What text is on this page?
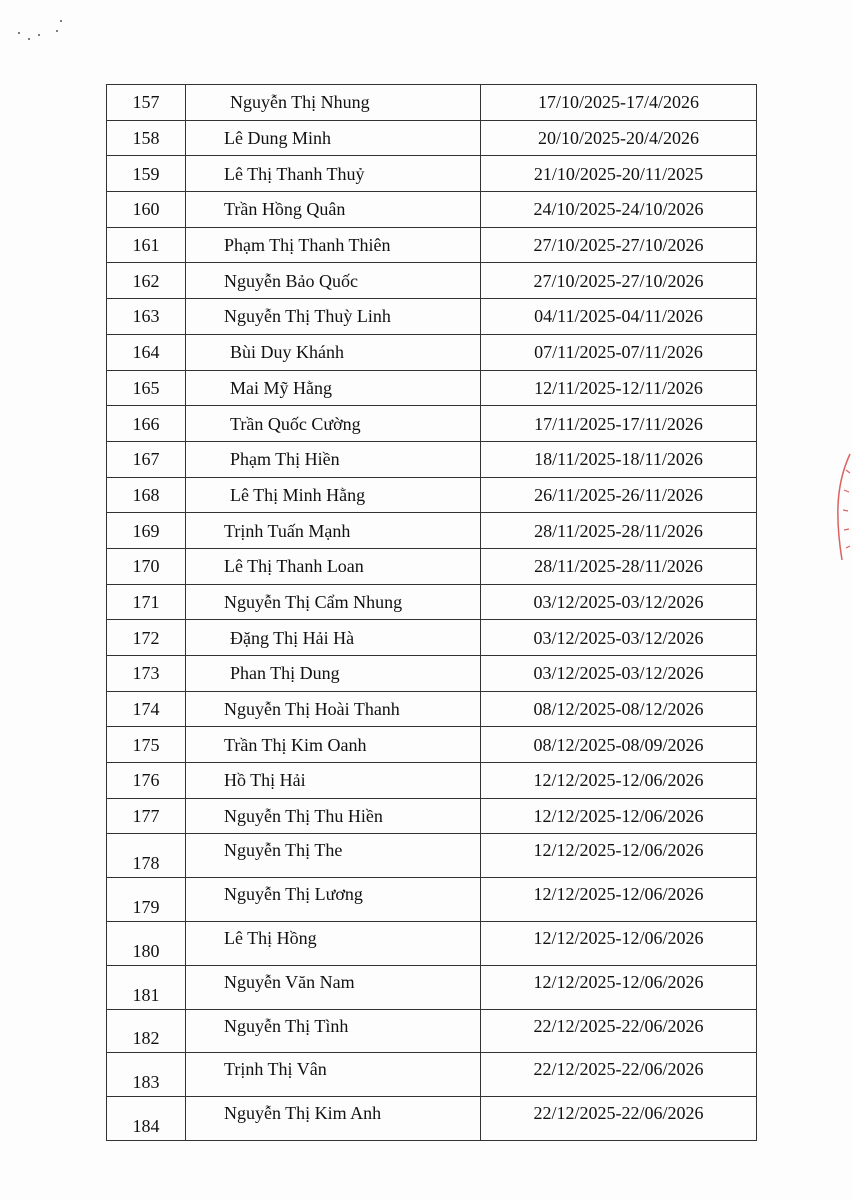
157	Nguyễn Thị Nhung	17/10/2025-17/4/2026
158	Lê Dung Minh	20/10/2025-20/4/2026
159	Lê Thị Thanh Thuỷ	21/10/2025-20/11/2025
160	Trần Hồng Quân	24/10/2025-24/10/2026
161	Phạm Thị Thanh Thiên	27/10/2025-27/10/2026
162	Nguyễn Bảo Quốc	27/10/2025-27/10/2026
163	Nguyễn Thị Thuỳ Linh	04/11/2025-04/11/2026
164	Bùi Duy Khánh	07/11/2025-07/11/2026
165	Mai Mỹ Hằng	12/11/2025-12/11/2026
166	Trần Quốc Cường	17/11/2025-17/11/2026
167	Phạm Thị Hiền	18/11/2025-18/11/2026
168	Lê Thị Minh Hằng	26/11/2025-26/11/2026
169	Trịnh Tuấn Mạnh	28/11/2025-28/11/2026
170	Lê Thị Thanh Loan	28/11/2025-28/11/2026
171	Nguyễn Thị Cẩm Nhung	03/12/2025-03/12/2026
172	Đặng Thị Hải Hà	03/12/2025-03/12/2026
173	Phan Thị Dung	03/12/2025-03/12/2026
174	Nguyễn Thị Hoài Thanh	08/12/2025-08/12/2026
175	Trần Thị Kim Oanh	08/12/2025-08/09/2026
176	Hồ Thị Hải	12/12/2025-12/06/2026
177	Nguyễn Thị Thu Hiền	12/12/2025-12/06/2026
178	Nguyễn Thị The	12/12/2025-12/06/2026
179	Nguyễn Thị Lương	12/12/2025-12/06/2026
180	Lê Thị Hồng	12/12/2025-12/06/2026
181	Nguyễn Văn Nam	12/12/2025-12/06/2026
182	Nguyễn Thị Tình	22/12/2025-22/06/2026
183	Trịnh Thị Vân	22/12/2025-22/06/2026
184	Nguyễn Thị Kim Anh	22/12/2025-22/06/2026
